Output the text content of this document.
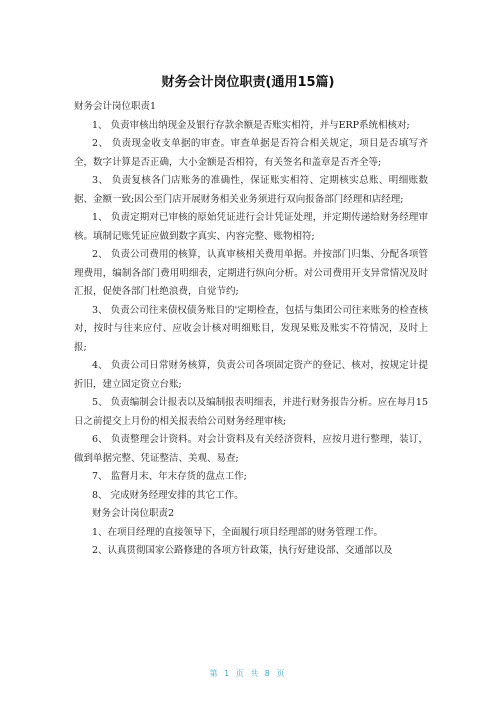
财务会计岗位职责(通用15篇)

财务会计岗位职责1

1、 负责审核出纳现金及银行存款余额是否账实相符，并与ERP系统相核对;

2、 负责现金收支单据的审查。审查单据是否符合相关规定，项目是否填写齐全，数字计算是否正确，大小金额是否相符，有关签名和盖章是否齐全等;

3、 负责复核各门店账务的准确性，保证账实相符、定期核实总账、明细账数据、金额一致;因公至门店开展财务相关业务须进行双向报备部门经理和店经理;

1、 负责定期对已审核的原始凭证进行会计凭证处理，并定期传递给财务经理审核。填制记账凭证应做到数字真实、内容完整、账物相符;

2、 负责公司费用的核算，认真审核相关费用单据。并按部门归集、分配各项管理费用，编制各部门费用明细表，定期进行纵向分析。对公司费用开支异常情况及时汇报，促使各部门杜绝浪费，自觉节约;

3、 负责公司往来债权债务账目的'定期检查，包括与集团公司往来账务的检查核对，按时与往来应付、应收会计核对明细账目，发现呆账及账实不符情况，及时上报;

4、 负责公司日常财务核算，负责公司各项固定资产的登记、核对，按规定计提折旧，建立固定资立台账;

5、 负责编制会计报表以及编制报表明细表，并进行财务报告分析。应在每月15日之前提交上月份的相关报表给公司财务经理审核;

6、 负责整理会计资料。对会计资料及有关经济资料，应按月进行整理，装订，做到单据完整、凭证整洁、美观、易查;

7、 监督月末、年末存货的盘点工作;

8、 完成财务经理安排的其它工作。

财务会计岗位职责2

1、在项目经理的直接领导下，全面履行项目经理部的财务管理工作。

2、认真贯彻国家公路修建的各项方针政策，执行好建设部、交通部以及

第 1 页 共 8 页
